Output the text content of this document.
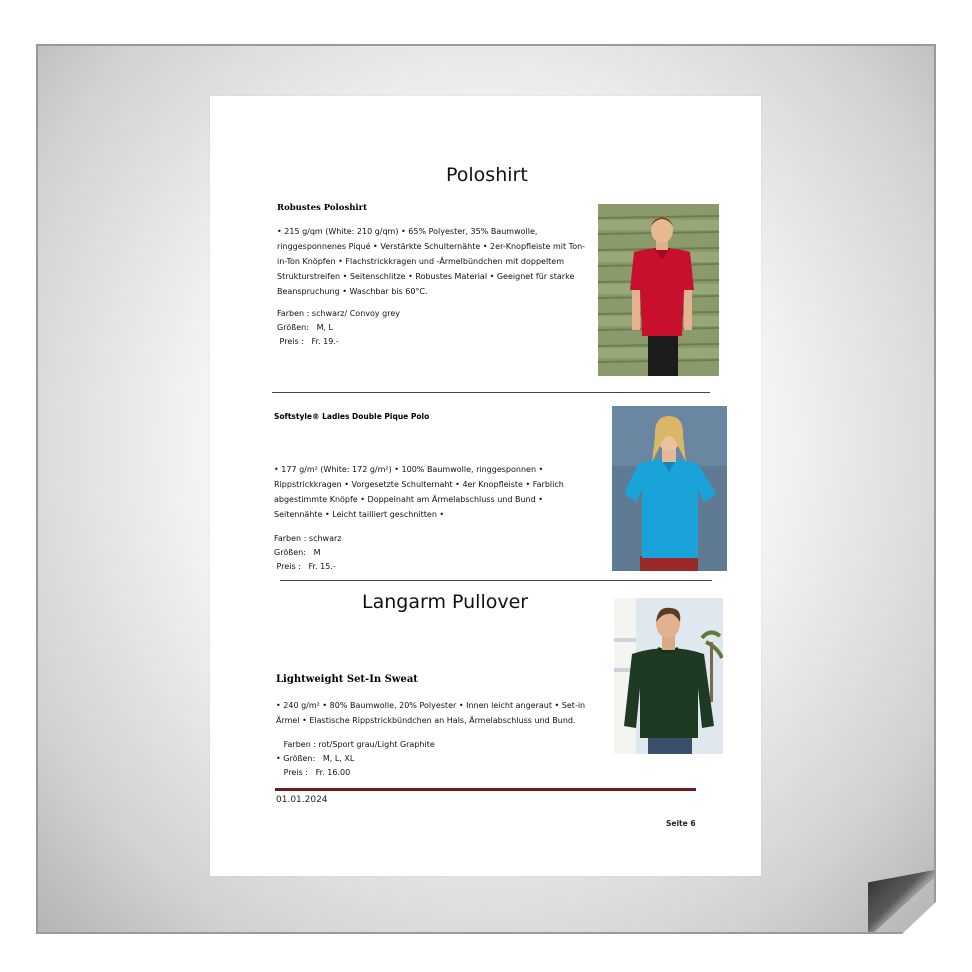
Poloshirt
Robustes Poloshirt
• 215 g/qm (White: 210 g/qm) • 65% Polyester, 35% Baumwolle, ringgesponnenes Piqué • Verstärkte Schulternähte • 2er-Knopfleiste mit Ton-in-Ton Knöpfen • Flachstrickkragen und -Ärmelbündchen mit doppeltem Strukturstreifen • Seitenschlitze • Robustes Material • Geeignet für starke Beanspruchung • Waschbar bis 60°C.
Farben : schwarz/ Convoy grey
Größen:   M, L
Preis :   Fr. 19.-
Softstyle® Ladies Double Pique Polo
• 177 g/m² (White: 172 g/m²) • 100% Baumwolle, ringgesponnen • Rippstrickkragen • Vorgesetzte Schulternaht • 4er Knopfleiste • Farblich abgestimmte Knöpfe • Doppelnaht am Ärmelabschluss und Bund • Seitennähte • Leicht tailliert geschnitten •
Farben : schwarz
Größen:   M
Preis :   Fr. 15.-
Langarm Pullover
Lightweight Set-In Sweat
• 240 g/m² • 80% Baumwolle, 20% Polyester • Innen leicht angeraut • Set-in Ärmel • Elastische Rippstrickbündchen an Hals, Ärmelabschluss und Bund.
Farben : rot/Sport grau/Light Graphite
• Größen:   M, L, XL
Preis :   Fr. 16.00
01.01.2024
Seite 6
